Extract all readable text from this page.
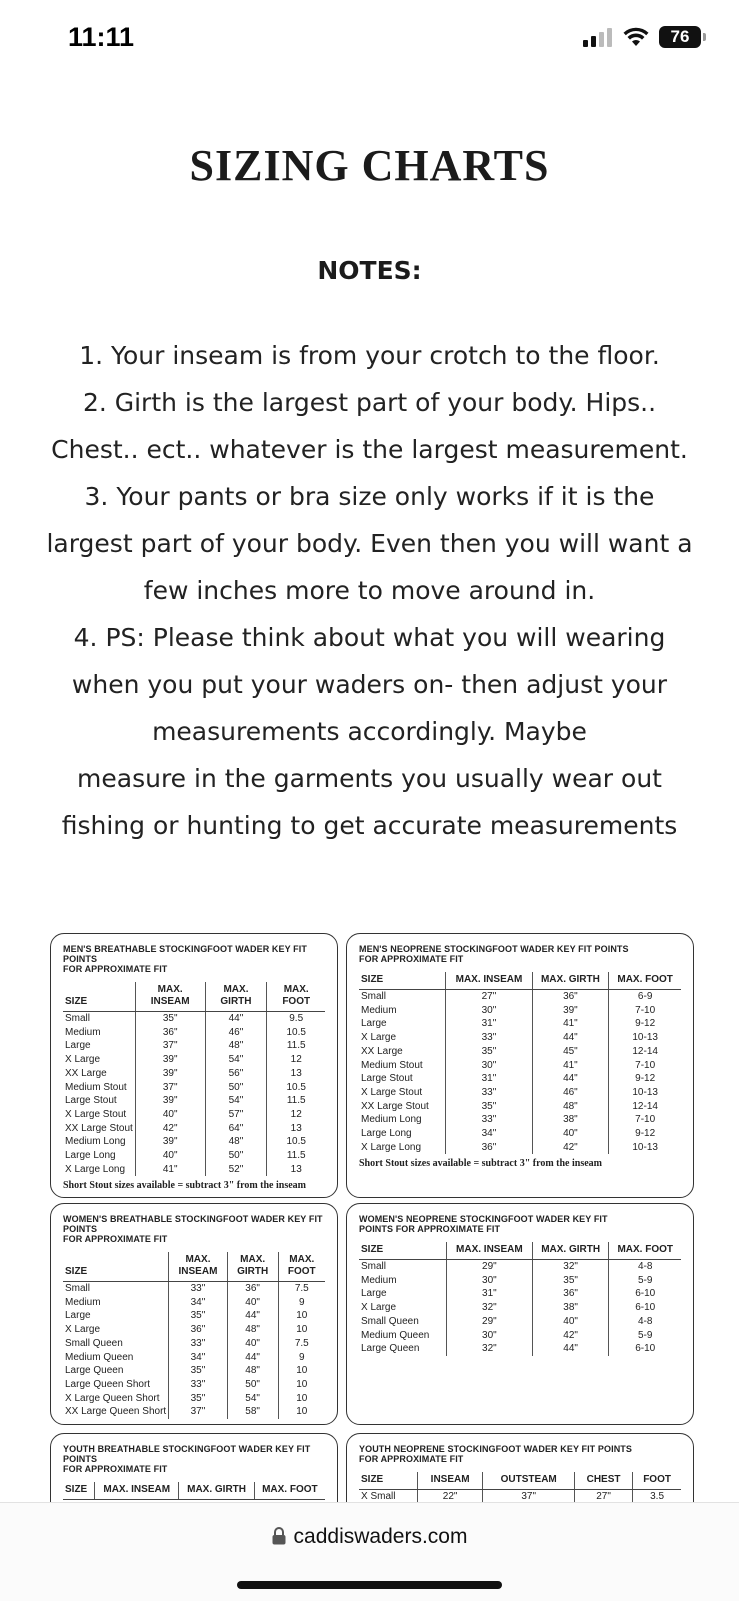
11:11	76
SIZING CHARTS
NOTES:
1. Your inseam is from your crotch to the floor.
2. Girth is the largest part of your body. Hips..
Chest.. ect.. whatever is the largest measurement.
3. Your pants or bra size only works if it is the
largest part of your body. Even then you will want a
few inches more to move around in.
4. PS: Please think about what you will wearing
when you put your waders on- then adjust your
measurements accordingly. Maybe
measure in the garments you usually wear out
fishing or hunting to get accurate measurements
MEN'S BREATHABLE STOCKINGFOOT WADER KEY FIT POINTS
FOR APPROXIMATE FIT
SIZE	MAX. INSEAM	MAX. GIRTH	MAX. FOOT
Small	35"	44"	9.5
Medium	36"	46"	10.5
Large	37"	48"	11.5
X Large	39"	54"	12
XX Large	39"	56"	13
Medium Stout	37"	50"	10.5
Large Stout	39"	54"	11.5
X Large Stout	40"	57"	12
XX Large Stout	42"	64"	13
Medium Long	39"	48"	10.5
Large Long	40"	50"	11.5
X Large Long	41"	52"	13
Short Stout sizes available = subtract 3" from the inseam
MEN'S NEOPRENE STOCKINGFOOT WADER KEY FIT POINTS
FOR APPROXIMATE FIT
SIZE	MAX. INSEAM	MAX. GIRTH	MAX. FOOT
Small	27"	36"	6-9
Medium	30"	39"	7-10
Large	31"	41"	9-12
X Large	33"	44"	10-13
XX Large	35"	45"	12-14
Medium Stout	30"	41"	7-10
Large Stout	31"	44"	9-12
X Large Stout	33"	46"	10-13
XX Large Stout	35"	48"	12-14
Medium Long	33"	38"	7-10
Large Long	34"	40"	9-12
X Large Long	36"	42"	10-13
Short Stout sizes available = subtract 3" from the inseam
WOMEN'S BREATHABLE STOCKINGFOOT WADER KEY FIT POINTS
FOR APPROXIMATE FIT
SIZE	MAX. INSEAM	MAX. GIRTH	MAX. FOOT
Small	33"	36"	7.5
Medium	34"	40"	9
Large	35"	44"	10
X Large	36"	48"	10
Small Queen	33"	40"	7.5
Medium Queen	34"	44"	9
Large Queen	35"	48"	10
Large Queen Short	33"	50"	10
X Large Queen Short	35"	54"	10
XX Large Queen Short	37"	58"	10
WOMEN'S NEOPRENE STOCKINGFOOT WADER KEY FIT
POINTS FOR APPROXIMATE FIT
SIZE	MAX. INSEAM	MAX. GIRTH	MAX. FOOT
Small	29"	32"	4-8
Medium	30"	35"	5-9
Large	31"	36"	6-10
X Large	32"	38"	6-10
Small Queen	29"	40"	4-8
Medium Queen	30"	42"	5-9
Large Queen	32"	44"	6-10
YOUTH BREATHABLE STOCKINGFOOT WADER KEY FIT POINTS
FOR APPROXIMATE FIT
SIZE	MAX. INSEAM	MAX. GIRTH	MAX. FOOT
YOUTH NEOPRENE STOCKINGFOOT WADER KEY FIT POINTS
FOR APPROXIMATE FIT
SIZE	INSEAM	OUTSTEAM	CHEST	FOOT
X Small	22"	37"	27"	3.5
caddiswaders.com
